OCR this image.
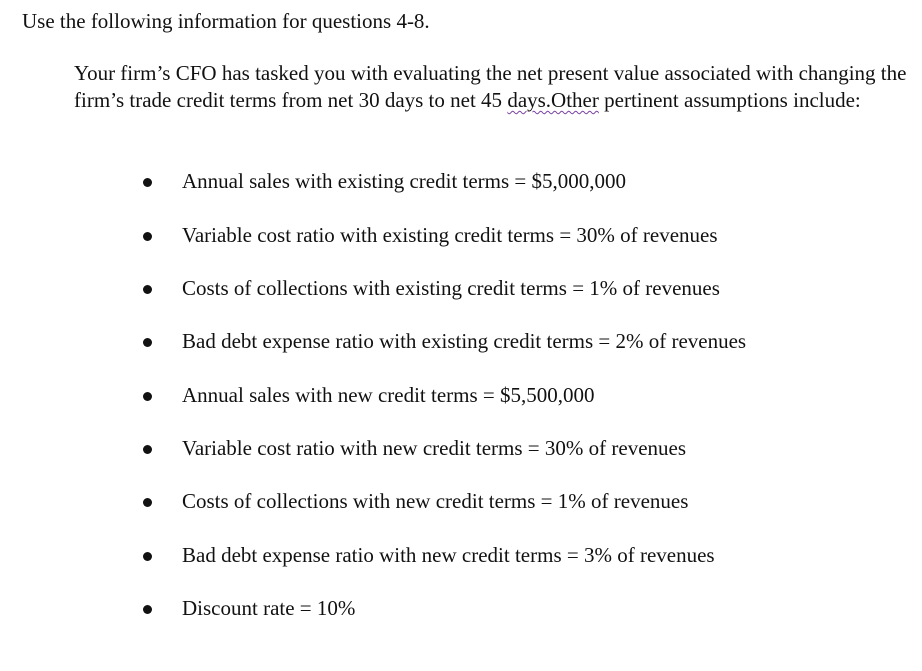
Use the following information for questions 4-8.

Your firm’s CFO has tasked you with evaluating the net present value associated with changing the firm’s trade credit terms from net 30 days to net 45 days.Other pertinent assumptions include:

Annual sales with existing credit terms = $5,000,000
Variable cost ratio with existing credit terms = 30% of revenues
Costs of collections with existing credit terms = 1% of revenues
Bad debt expense ratio with existing credit terms = 2% of revenues
Annual sales with new credit terms = $5,500,000
Variable cost ratio with new credit terms = 30% of revenues
Costs of collections with new credit terms = 1% of revenues
Bad debt expense ratio with new credit terms = 3% of revenues
Discount rate = 10%
